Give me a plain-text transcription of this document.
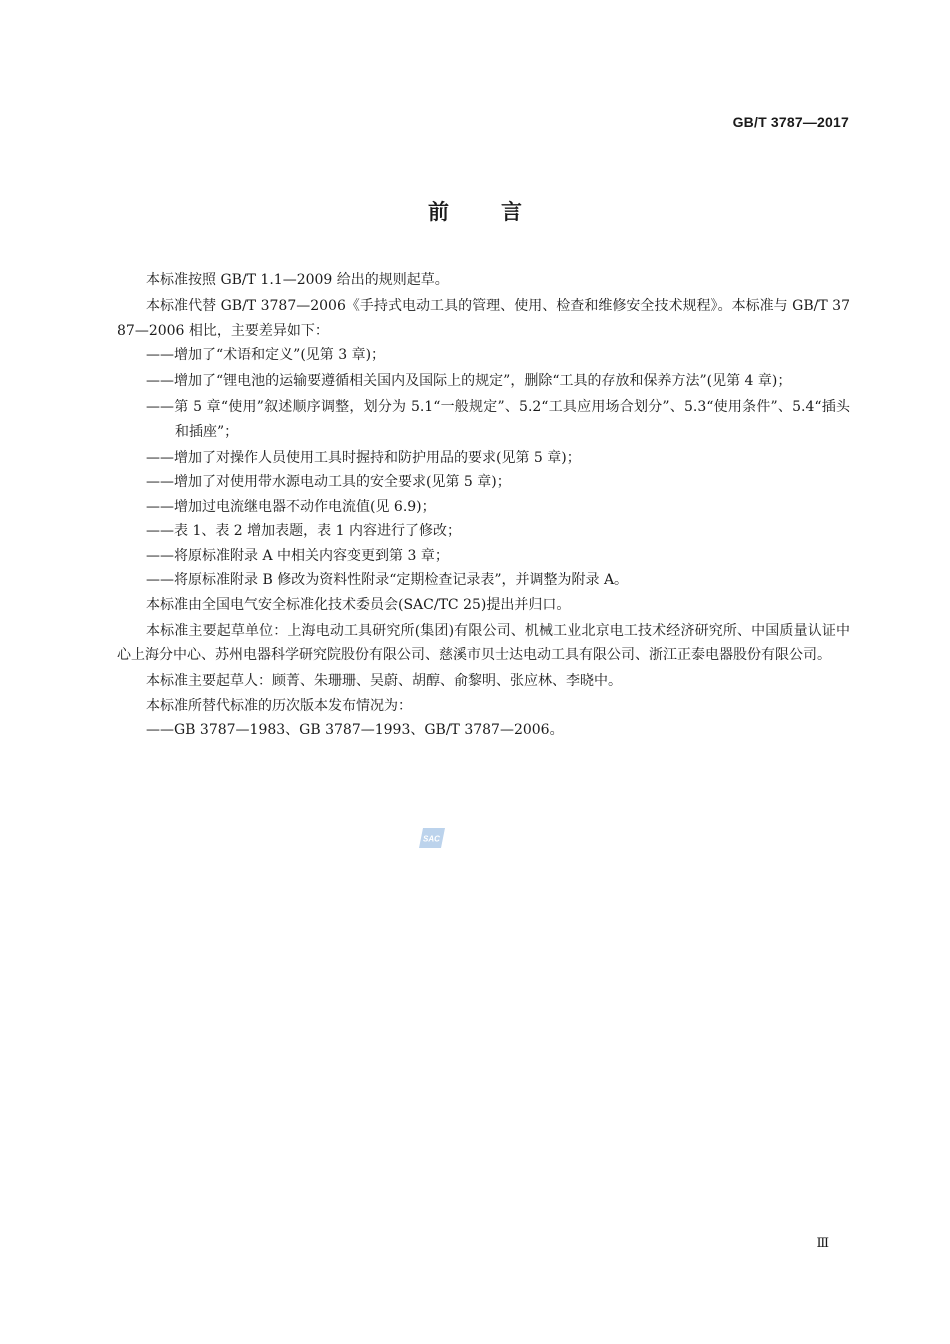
GB/T 3787—2017
前言

本标准按照 GB/T 1.1—2009 给出的规则起草。

本标准代替 GB/T 3787—2006《手持式电动工具的管理、使用、检查和维修安全技术规程》。本标准与 GB/T 3787—2006 相比，主要差异如下：

——增加了“术语和定义”(见第 3 章)；

——增加了“锂电池的运输要遵循相关国内及国际上的规定”，删除“工具的存放和保养方法”(见第 4 章)；

——第 5 章“使用”叙述顺序调整，划分为 5.1“一般规定”、5.2“工具应用场合划分”、5.3“使用条件”、5.4“插头和插座”；

——增加了对操作人员使用工具时握持和防护用品的要求(见第 5 章)；

——增加了对使用带水源电动工具的安全要求(见第 5 章)；

——增加过电流继电器不动作电流值(见 6.9)；

——表 1、表 2 增加表题，表 1 内容进行了修改；

——将原标准附录 A 中相关内容变更到第 3 章；

——将原标准附录 B 修改为资料性附录“定期检查记录表”，并调整为附录 A。

本标准由全国电气安全标准化技术委员会(SAC/TC 25)提出并归口。

本标准主要起草单位：上海电动工具研究所(集团)有限公司、机械工业北京电工技术经济研究所、中国质量认证中心上海分中心、苏州电器科学研究院股份有限公司、慈溪市贝士达电动工具有限公司、浙江正泰电器股份有限公司。

本标准主要起草人：顾菁、朱珊珊、吴蔚、胡醇、俞黎明、张应林、李晓中。

本标准所替代标准的历次版本发布情况为：

——GB 3787—1983、GB 3787—1993、GB/T 3787—2006。

SAC
Ⅲ
